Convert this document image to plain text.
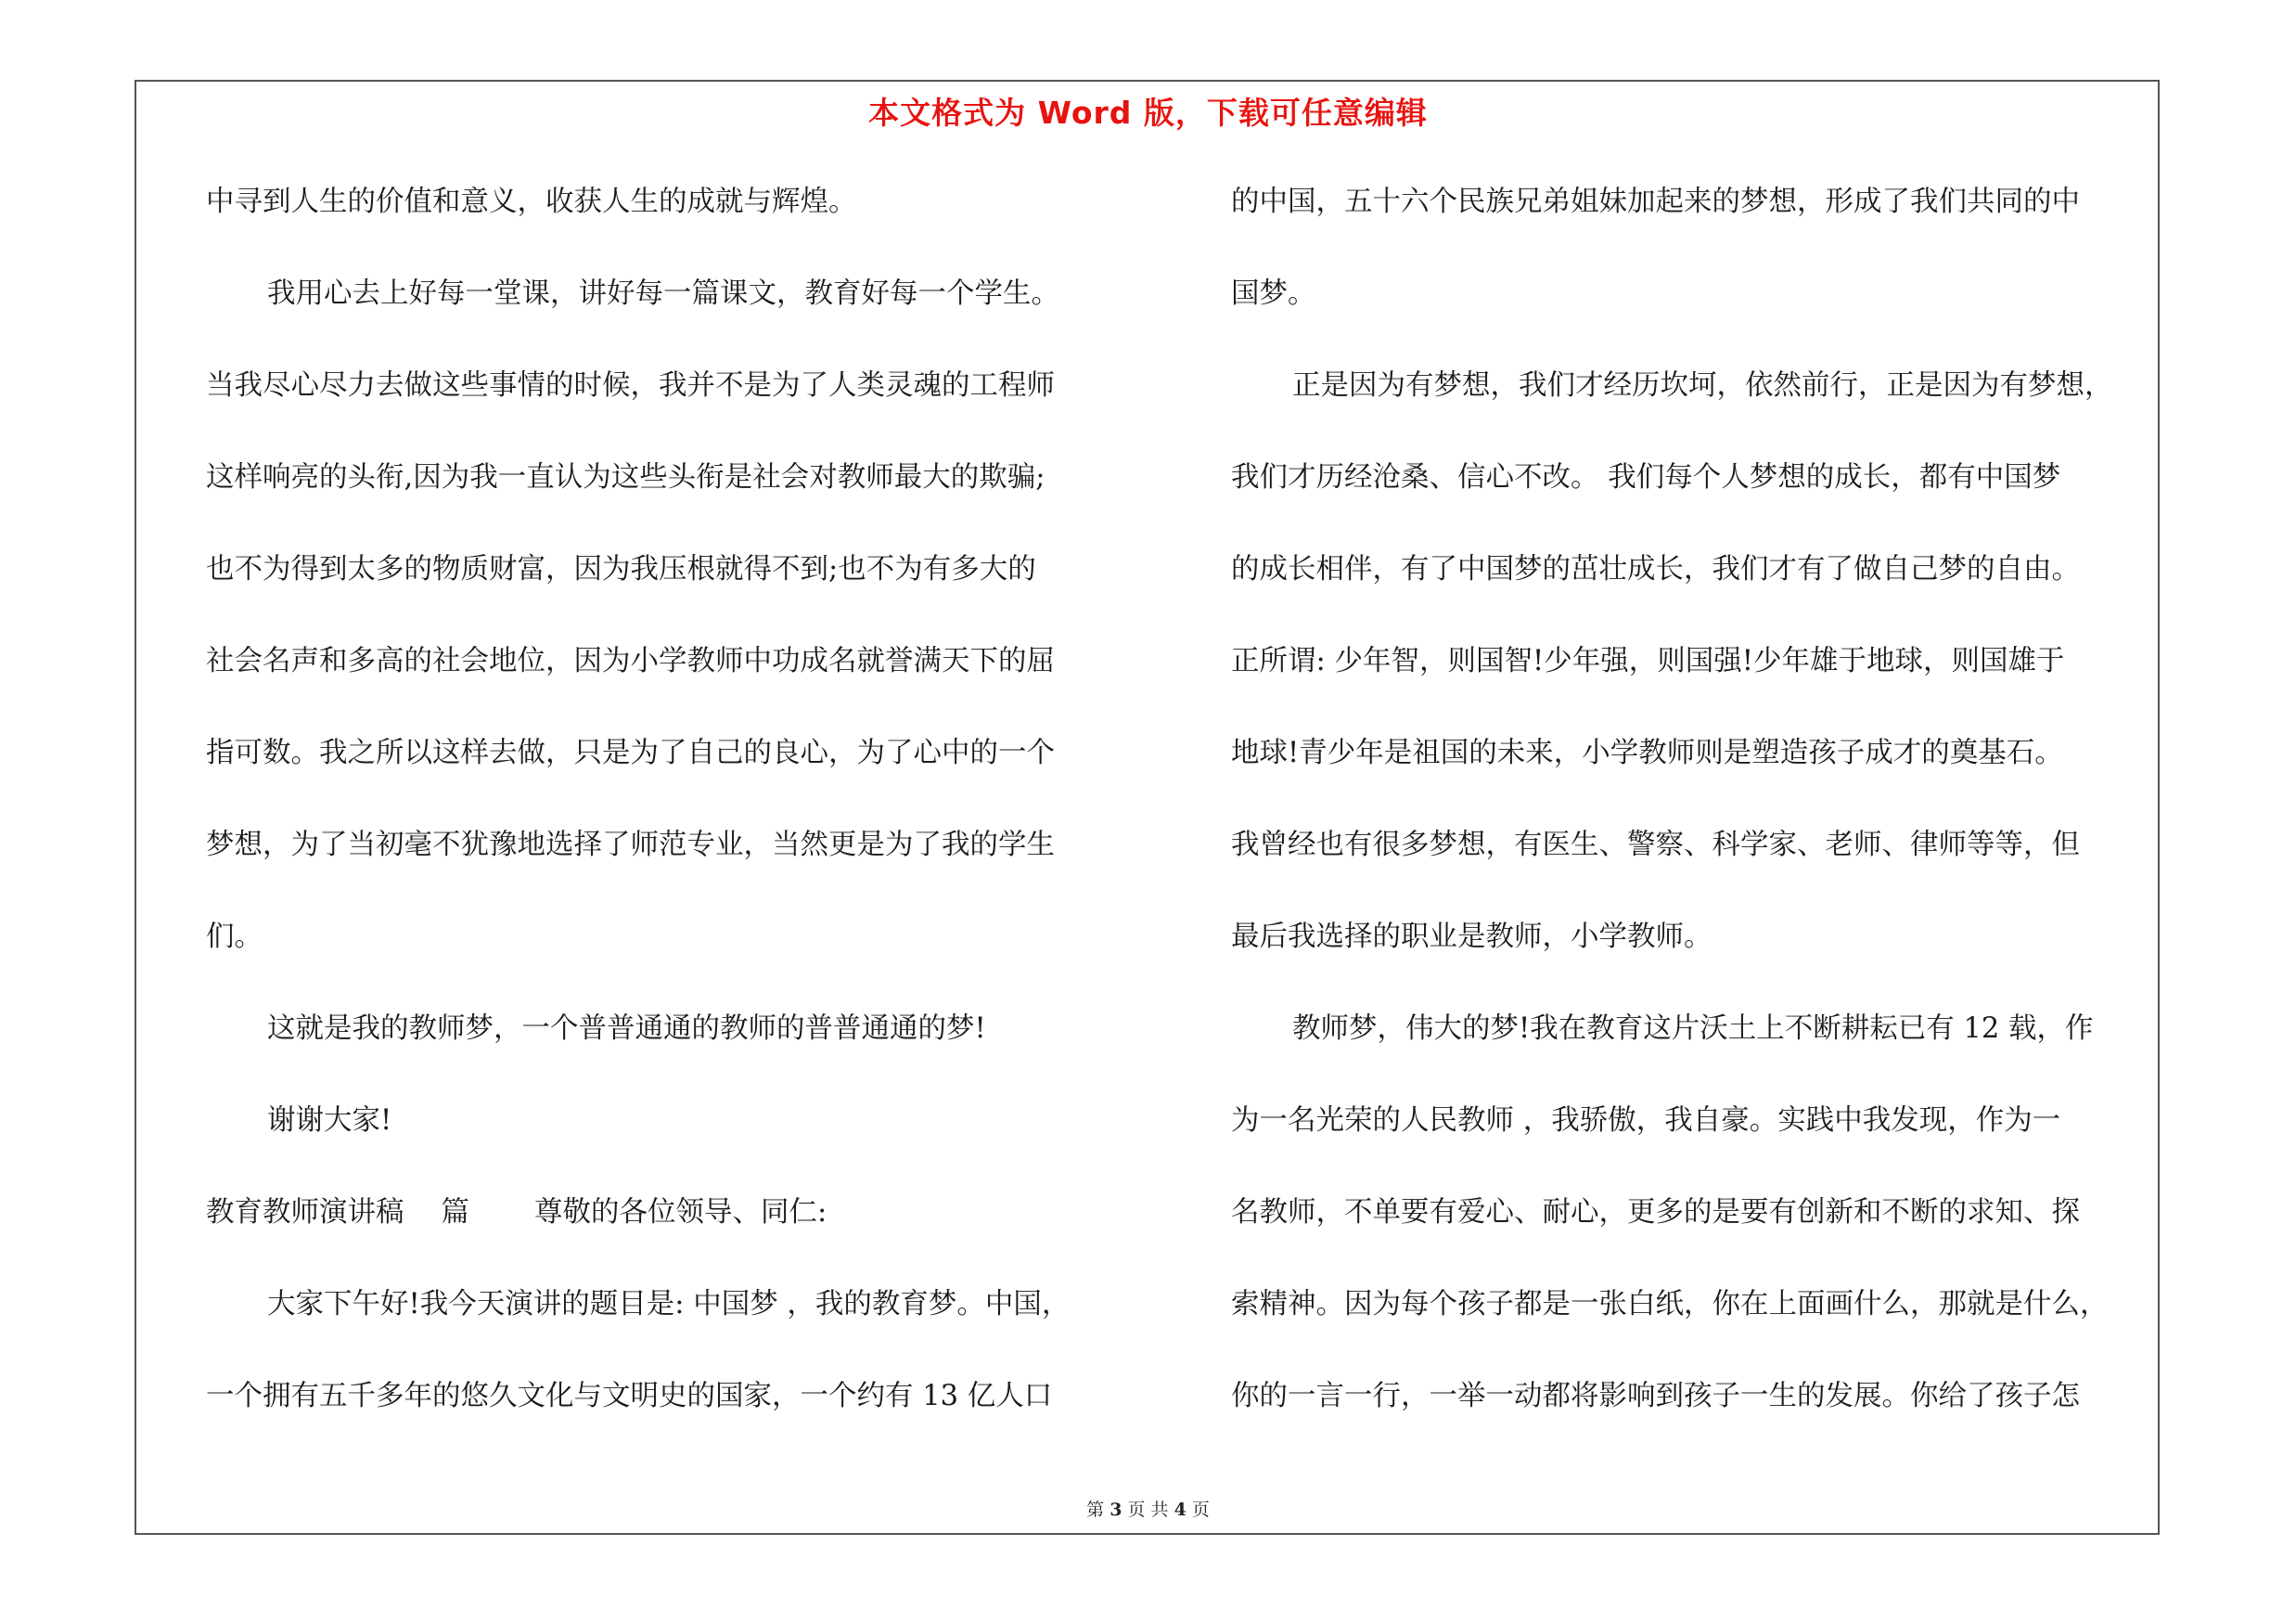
本文格式为 Word 版，下载可任意编辑
中寻到人生的价值和意义，收获人生的成就与辉煌。
我用心去上好每一堂课，讲好每一篇课文，教育好每一个学生。
当我尽心尽力去做这些事情的时候，我并不是为了人类灵魂的工程师
这样响亮的头衔,因为我一直认为这些头衔是社会对教师最大的欺骗;
也不为得到太多的物质财富，因为我压根就得不到;也不为有多大的
社会名声和多高的社会地位，因为小学教师中功成名就誉满天下的屈
指可数。我之所以这样去做，只是为了自己的良心，为了心中的一个
梦想，为了当初毫不犹豫地选择了师范专业，当然更是为了我的学生
们。
这就是我的教师梦，一个普普通通的教师的普普通通的梦!
谢谢大家!
教育教师演讲稿 篇 尊敬的各位领导、同仁:
大家下午好!我今天演讲的题目是: 中国梦 ，我的教育梦。中国，
一个拥有五千多年的悠久文化与文明史的国家，一个约有 13 亿人口
的中国，五十六个民族兄弟姐妹加起来的梦想，形成了我们共同的中
国梦。
正是因为有梦想，我们才经历坎坷，依然前行，正是因为有梦想，
我们才历经沧桑、信心不改。 我们每个人梦想的成长，都有中国梦
的成长相伴，有了中国梦的茁壮成长，我们才有了做自己梦的自由。
正所谓: 少年智，则国智!少年强，则国强!少年雄于地球，则国雄于
地球!青少年是祖国的未来，小学教师则是塑造孩子成才的奠基石。
我曾经也有很多梦想，有医生、警察、科学家、老师、律师等等，但
最后我选择的职业是教师，小学教师。
教师梦，伟大的梦!我在教育这片沃土上不断耕耘已有 12 载，作
为一名光荣的人民教师 ，我骄傲，我自豪。实践中我发现，作为一
名教师，不单要有爱心、耐心，更多的是要有创新和不断的求知、探
索精神。因为每个孩子都是一张白纸，你在上面画什么，那就是什么，
你的一言一行，一举一动都将影响到孩子一生的发展。你给了孩子怎
第 3 页 共 4 页
